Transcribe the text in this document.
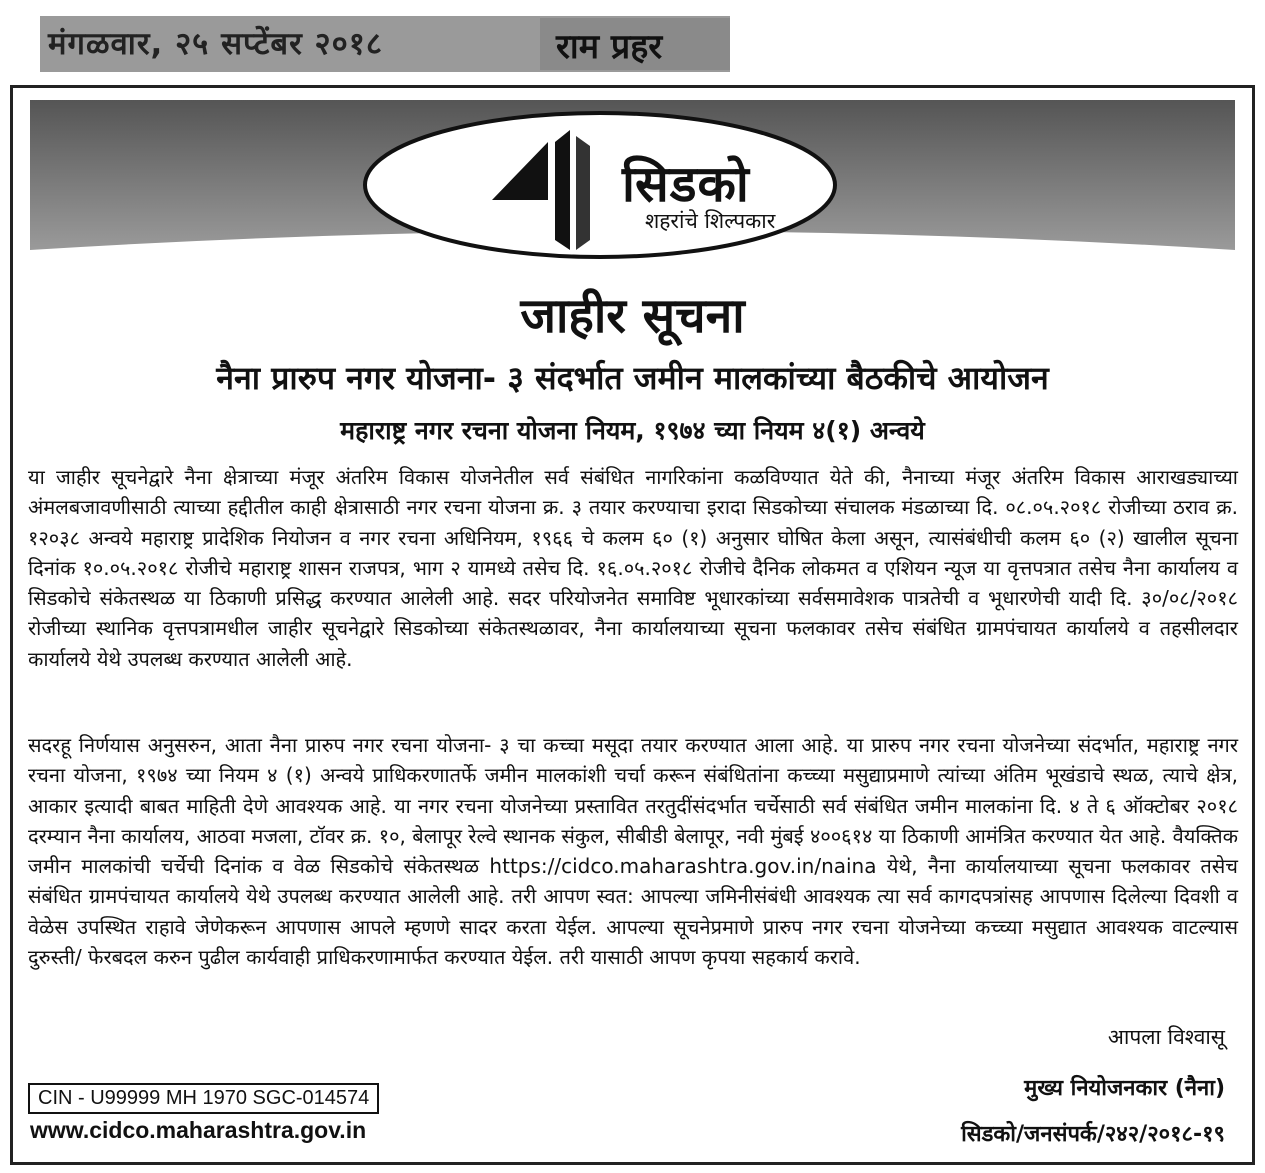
मंगळवार, २५ सप्टेंबर २०१८	राम प्रहर
सिडको
शहरांचे शिल्पकार
जाहीर सूचना
नैना प्रारुप नगर योजना- ३ संदर्भात जमीन मालकांच्या बैठकीचे आयोजन
महाराष्ट्र नगर रचना योजना नियम, १९७४ च्या नियम ४(१) अन्वये

या जाहीर सूचनेद्वारे नैना क्षेत्राच्या मंजूर अंतरिम विकास योजनेतील सर्व संबंधित नागरिकांना कळविण्यात येते की, नैनाच्या मंजूर अंतरिम विकास आराखड्याच्या अंमलबजावणीसाठी त्याच्या हद्दीतील काही क्षेत्रासाठी नगर रचना योजना क्र. ३ तयार करण्याचा इरादा सिडकोच्या संचालक मंडळाच्या दि. ०८.०५.२०१८ रोजीच्या ठराव क्र. १२०३८ अन्वये महाराष्ट्र प्रादेशिक नियोजन व नगर रचना अधिनियम, १९६६ चे कलम ६० (१) अनुसार घोषित केला असून, त्यासंबंधीची कलम ६० (२) खालील सूचना दिनांक १०.०५.२०१८ रोजीचे महाराष्ट्र शासन राजपत्र, भाग २ यामध्ये तसेच दि. १६.०५.२०१८ रोजीचे दैनिक लोकमत व एशियन न्यूज या वृत्तपत्रात तसेच नैना कार्यालय व सिडकोचे संकेतस्थळ या ठिकाणी प्रसिद्ध करण्यात आलेली आहे. सदर परियोजनेत समाविष्ट भूधारकांच्या सर्वसमावेशक पात्रतेची व भूधारणेची यादी दि. ३०/०८/२०१८ रोजीच्या स्थानिक वृत्तपत्रामधील जाहीर सूचनेद्वारे सिडकोच्या संकेतस्थळावर, नैना कार्यालयाच्या सूचना फलकावर तसेच संबंधित ग्रामपंचायत कार्यालये व तहसीलदार कार्यालये येथे उपलब्ध करण्यात आलेली आहे.

सदरहू निर्णयास अनुसरुन, आता नैना प्रारुप नगर रचना योजना- ३ चा कच्चा मसूदा तयार करण्यात आला आहे. या प्रारुप नगर रचना योजनेच्या संदर्भात, महाराष्ट्र नगर रचना योजना, १९७४ च्या नियम ४ (१) अन्वये प्राधिकरणातर्फे जमीन मालकांशी चर्चा करून संबंधितांना कच्च्या मसुद्याप्रमाणे त्यांच्या अंतिम भूखंडाचे स्थळ, त्याचे क्षेत्र, आकार इत्यादी बाबत माहिती देणे आवश्यक आहे. या नगर रचना योजनेच्या प्रस्तावित तरतुदींसंदर्भात चर्चेसाठी सर्व संबंधित जमीन मालकांना दि. ४ ते ६ ऑक्टोबर २०१८ दरम्यान नैना कार्यालय, आठवा मजला, टॉवर क्र. १०, बेलापूर रेल्वे स्थानक संकुल, सीबीडी बेलापूर, नवी मुंबई ४००६१४ या ठिकाणी आमंत्रित करण्यात येत आहे. वैयक्तिक जमीन मालकांची चर्चेची दिनांक व वेळ सिडकोचे संकेतस्थळ https://cidco.maharashtra.gov.in/naina येथे, नैना कार्यालयाच्या सूचना फलकावर तसेच संबंधित ग्रामपंचायत कार्यालये येथे उपलब्ध करण्यात आलेली आहे. तरी आपण स्वत: आपल्या जमिनीसंबंधी आवश्यक त्या सर्व कागदपत्रांसह आपणास दिलेल्या दिवशी व वेळेस उपस्थित राहावे जेणेकरून आपणास आपले म्हणणे सादर करता येईल. आपल्या सूचनेप्रमाणे प्रारुप नगर रचना योजनेच्या कच्च्या मसुद्यात आवश्यक वाटल्यास दुरुस्ती/ फेरबदल करुन पुढील कार्यवाही प्राधिकरणामार्फत करण्यात येईल. तरी यासाठी आपण कृपया सहकार्य करावे.

आपला विश्वासू
मुख्य नियोजनकार (नैना)
सिडको/जनसंपर्क/२४२/२०१८-१९
CIN - U99999 MH 1970 SGC-014574
www.cidco.maharashtra.gov.in
